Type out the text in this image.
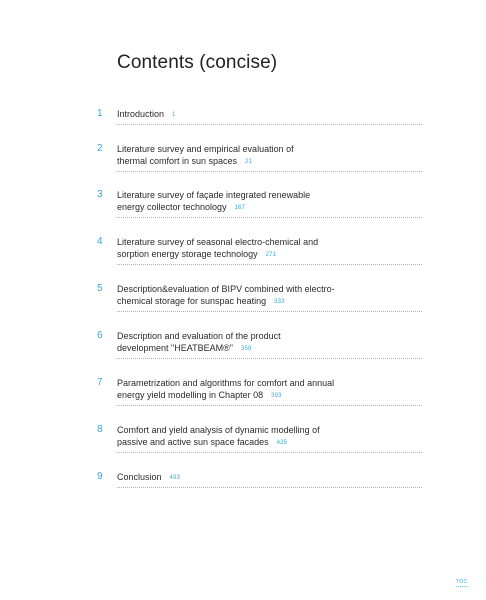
Contents (concise)
1 Introduction 1
2 Literature survey and empirical evaluation of
thermal comfort in sun spaces 21
3 Literature survey of façade integrated renewable
energy collector technology 167
4 Literature survey of seasonal electro-chemical and
sorption energy storage technology 271
5 Description&evaluation of BIPV combined with electro-
chemical storage for sunspac heating 333
6 Description and evaluation of the product
development "HEATBEAM®" 359
7 Parametrization and algorithms for comfort and annual
energy yield modelling in Chapter 08 393
8 Comfort and yield analysis of dynamic modelling of
passive and active sun space facades 425
9 Conclusion 493
TOC
